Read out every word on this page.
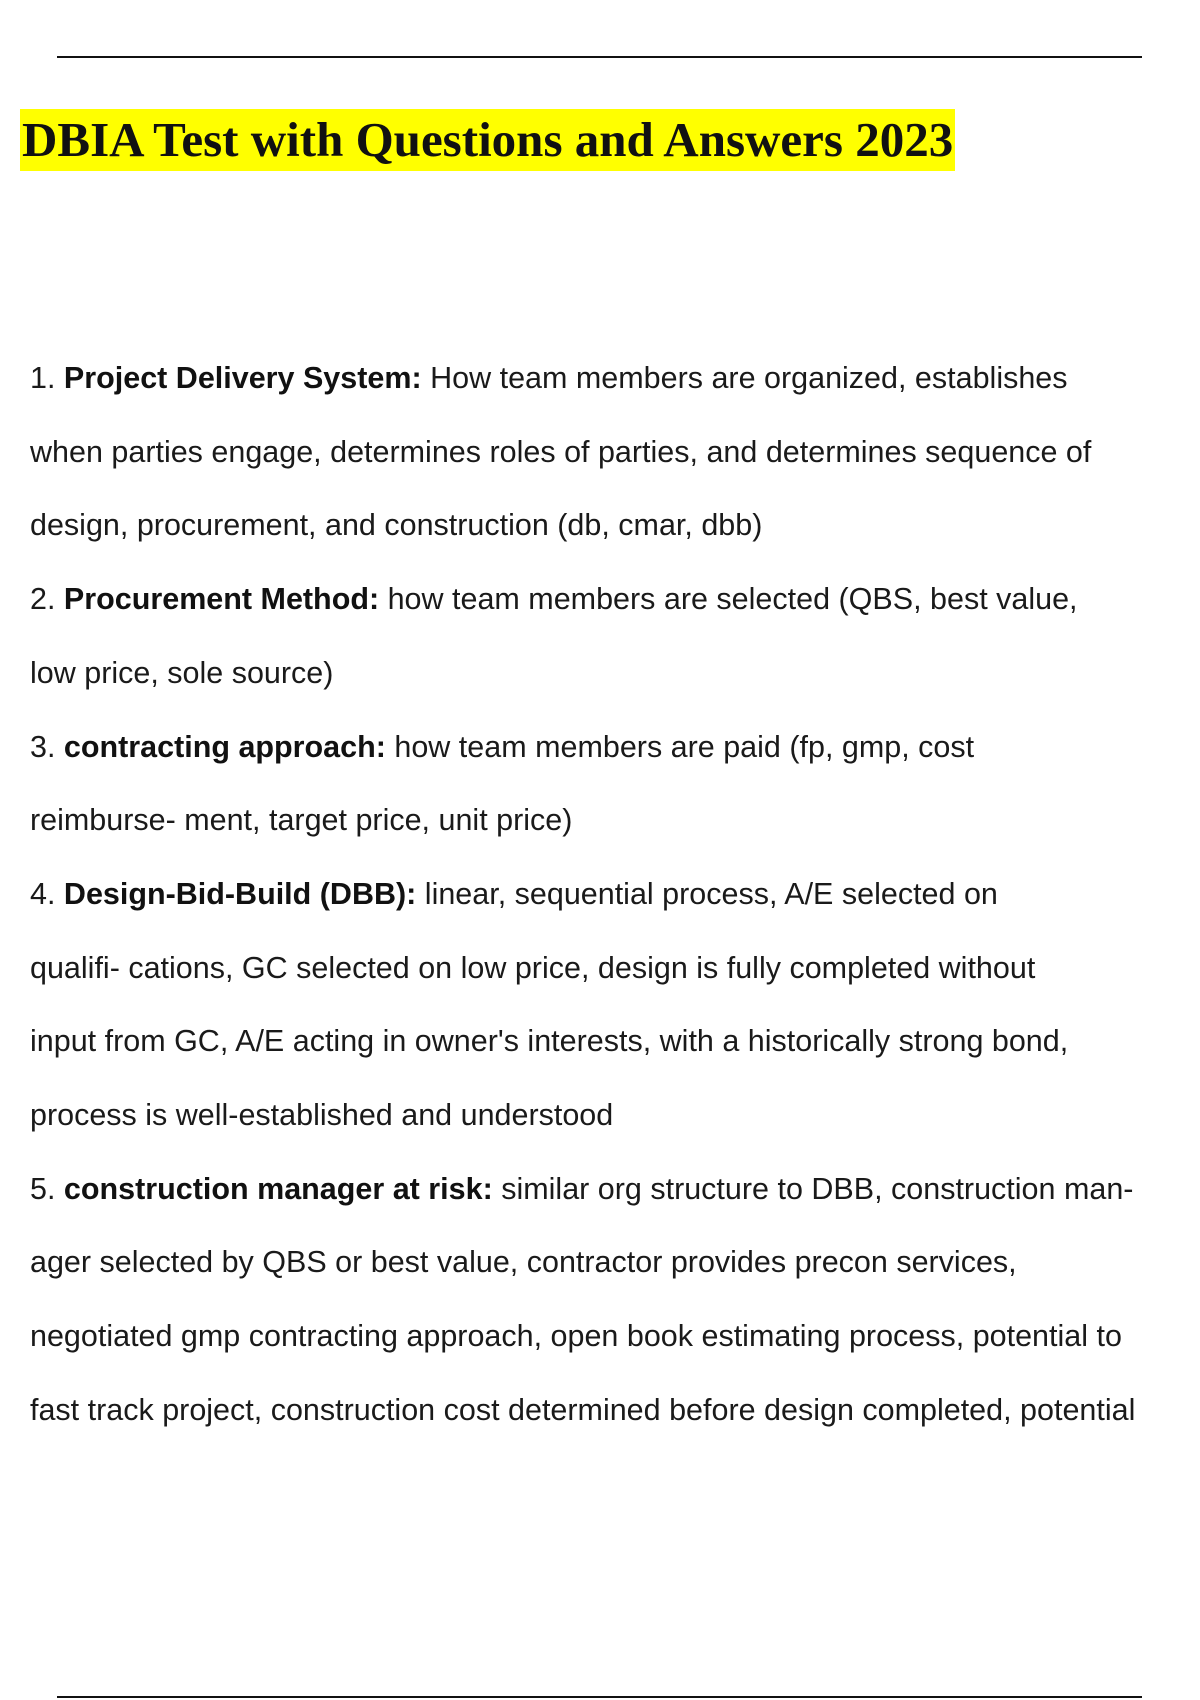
DBIA Test with Questions and Answers 2023

1. Project Delivery System: How team members are organized, establishes
when parties engage, determines roles of parties, and determines sequence of
design, procurement, and construction (db, cmar, dbb)

2. Procurement Method: how team members are selected (QBS, best value,
low price, sole source)

3. contracting approach: how team members are paid (fp, gmp, cost
reimburse- ment, target price, unit price)

4. Design-Bid-Build (DBB): linear, sequential process, A/E selected on
qualifi- cations, GC selected on low price, design is fully completed without
input from GC, A/E acting in owner's interests, with a historically strong bond,
process is well-established and understood

5. construction manager at risk: similar org structure to DBB, construction man-
ager selected by QBS or best value, contractor provides precon services,
negotiated gmp contracting approach, open book estimating process, potential to
fast track project, construction cost determined before design completed, potential
